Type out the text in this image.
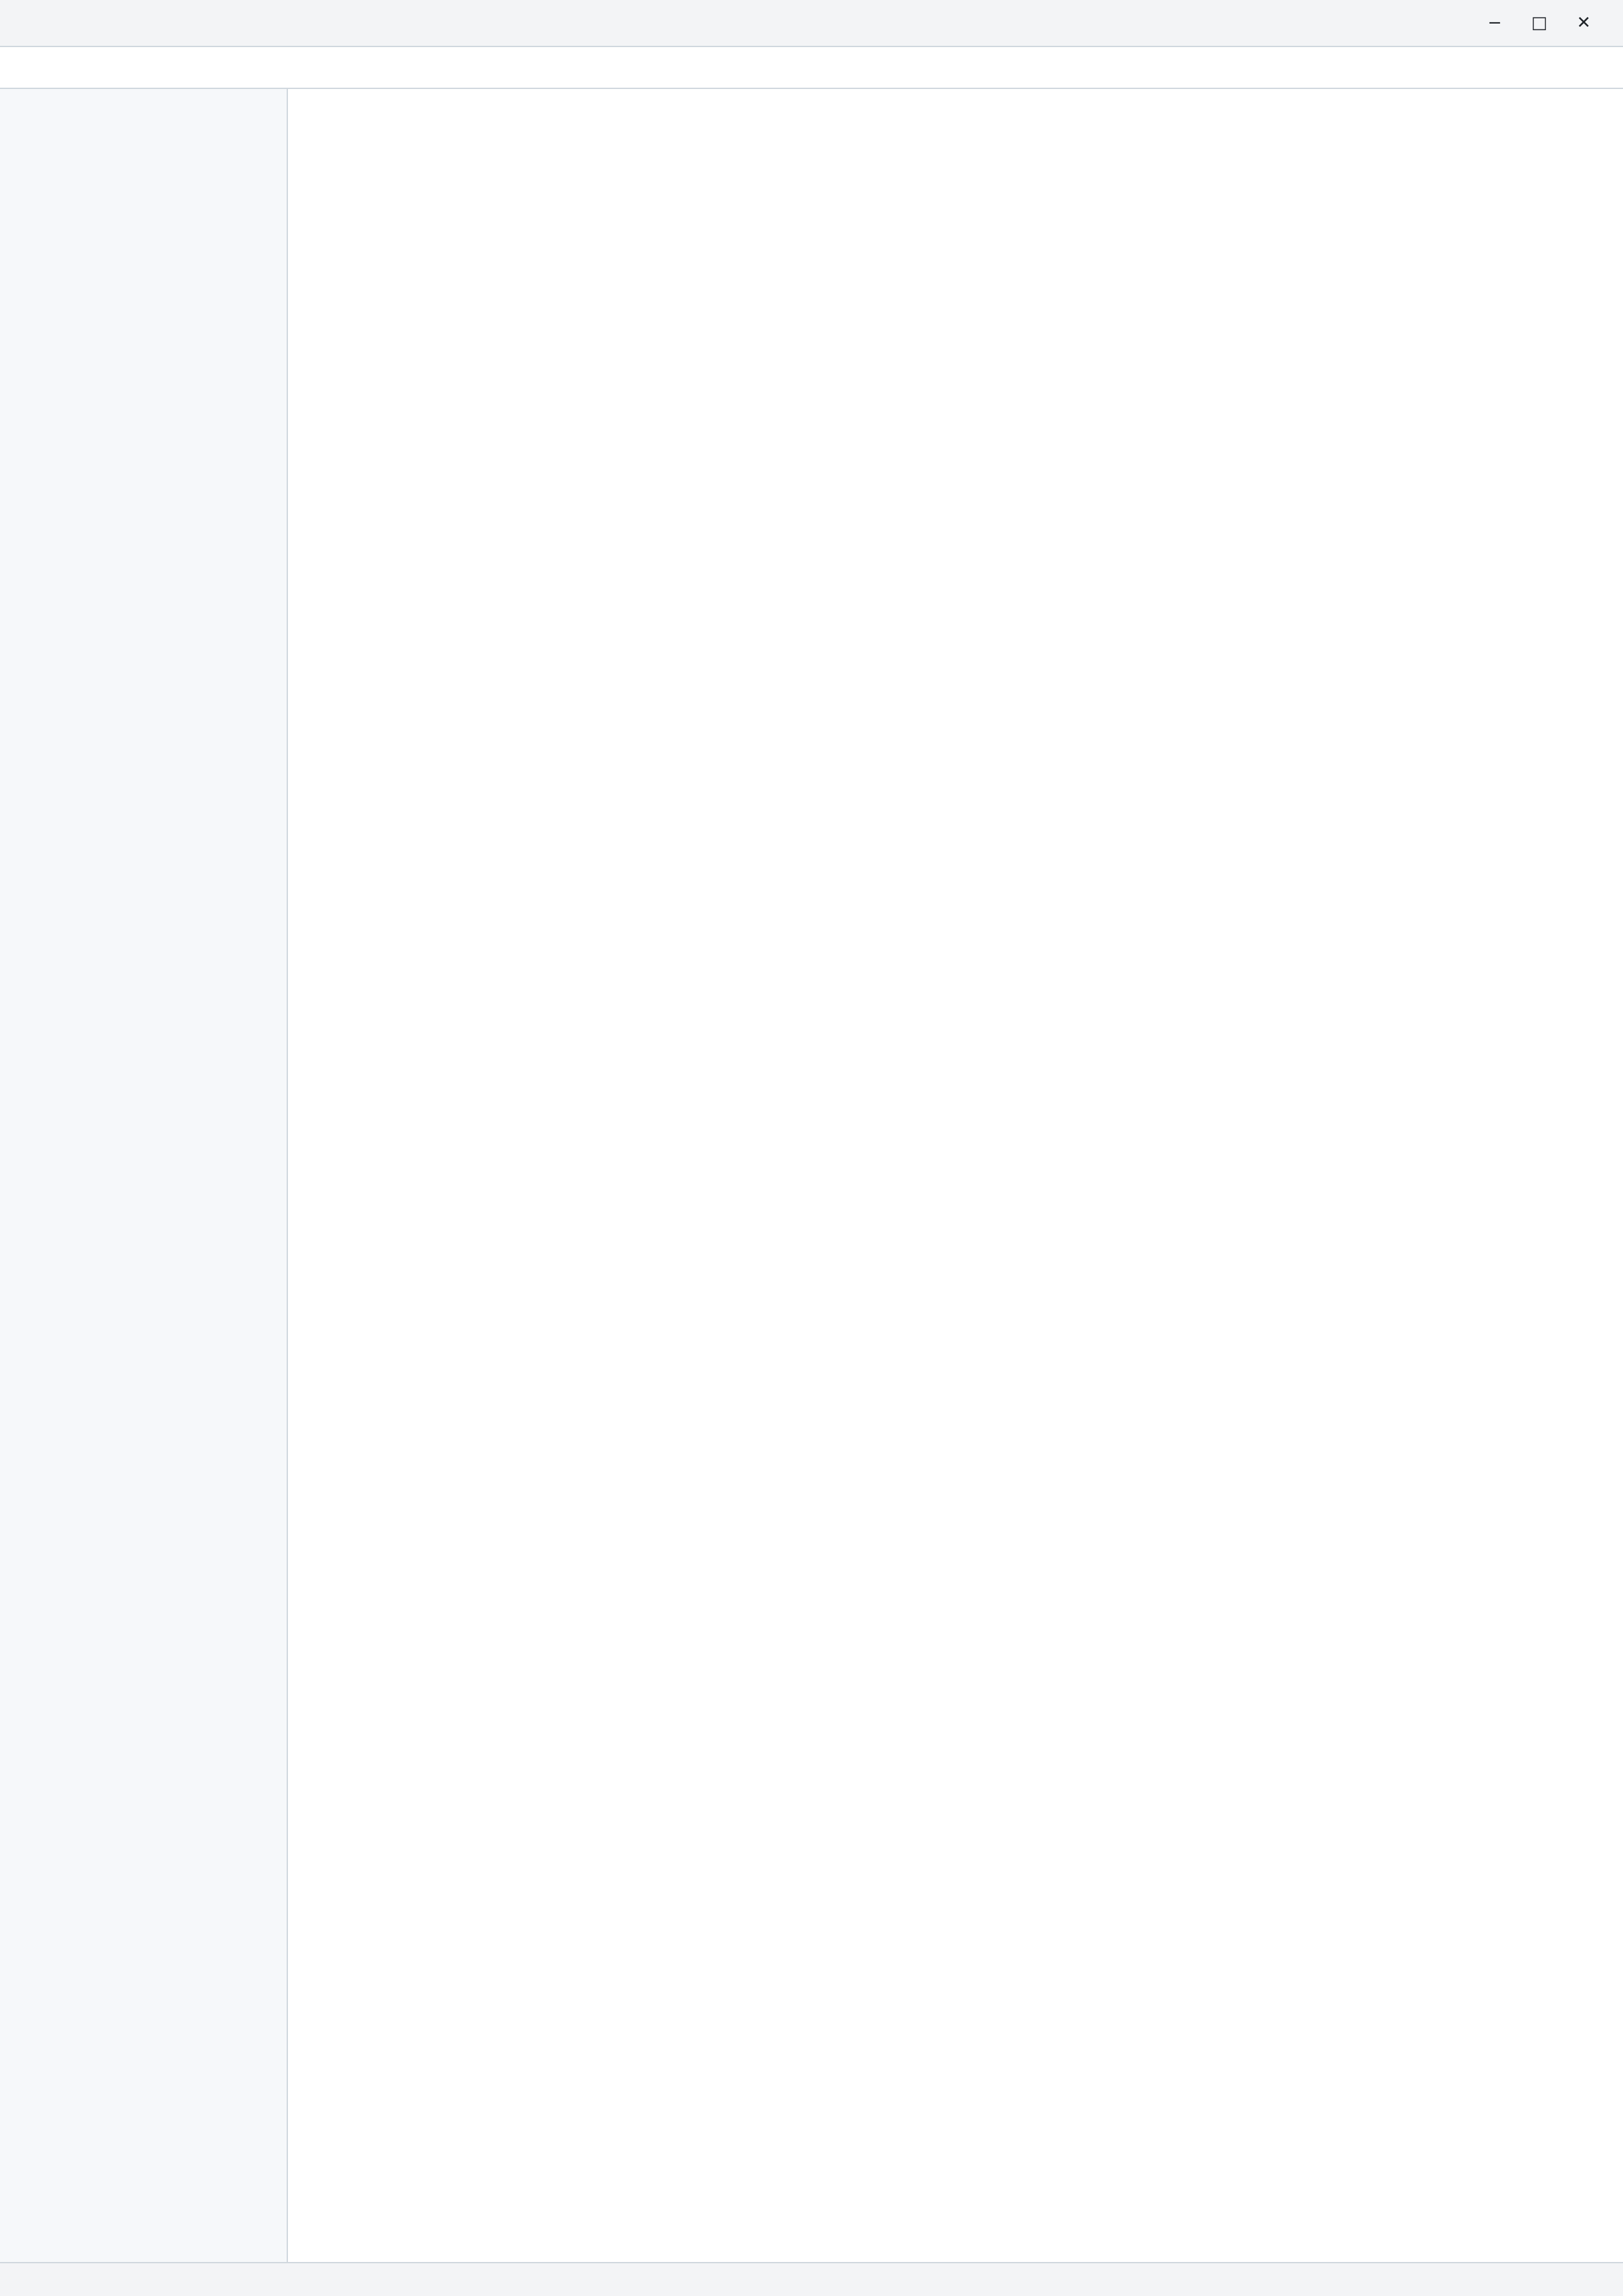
−	□	✕
